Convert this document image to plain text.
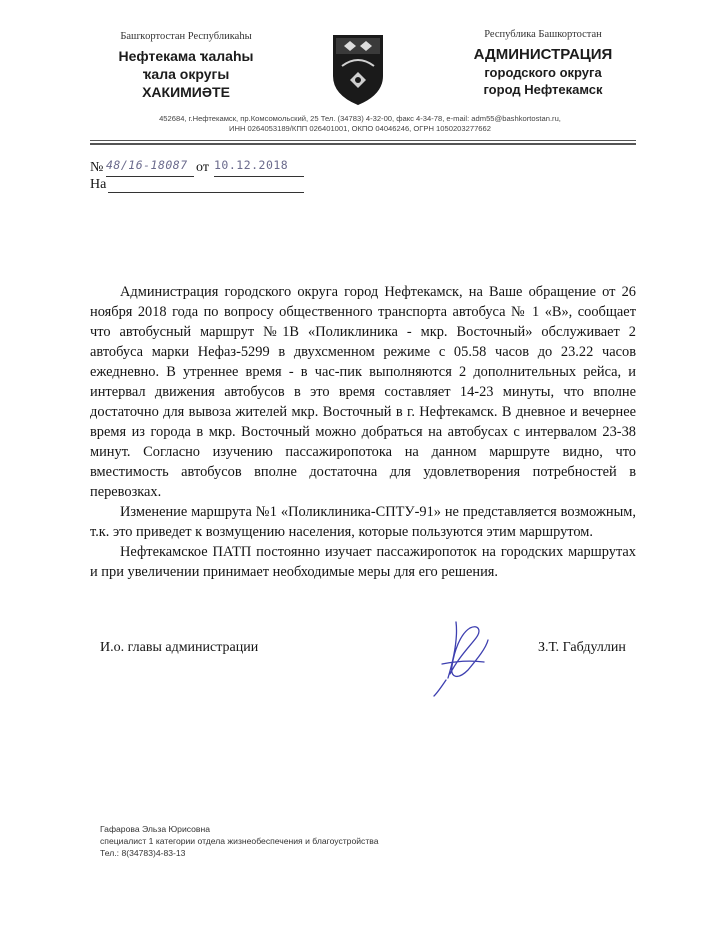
Башҡортостан Республикаһы
Нефтекама ҡалаһы
ҡала округы
ХАКИМИӘТЕ
Республика Башкортостан
АДМИНИСТРАЦИЯ
городского округа
город Нефтекамск
452684, г.Нефтекамск, пр.Комсомольский, 25 Тел. (34783) 4-32-00, факс 4-34-78, e-mail: adm55@bashkortostan.ru,
ИНН 0264053189/КПП 026401001, ОКПО 04046246, ОГРН 1050203277662
№ 48/16-18087 от 10.12.2018
На

Администрация городского округа город Нефтекамск, на Ваше обращение от 26 ноября 2018 года по вопросу общественного транспорта автобуса № 1 «В», сообщает что автобусный маршрут №1В «Поликлиника - мкр. Восточный» обслуживает 2 автобуса марки Нефаз-5299 в двухсменном режиме с 05.58 часов до 23.22 часов ежедневно. В утреннее время - в час-пик выполняются 2 дополнительных рейса, и интервал движения автобусов в это время составляет 14-23 минуты, что вполне достаточно для вывоза жителей мкр. Восточный в г. Нефтекамск. В дневное и вечернее время из города в мкр. Восточный можно добраться на автобусах с интервалом 23-38 минут. Согласно изучению пассажиропотока на данном маршруте видно, что вместимость автобусов вполне достаточна для удовлетворения потребностей в перевозках.

Изменение маршрута №1 «Поликлиника-СПТУ-91» не представляется возможным, т.к. это приведет к возмущению населения, которые пользуются этим маршрутом.

Нефтекамское ПАТП постоянно изучает пассажиропоток на городских маршрутах и при увеличении принимает необходимые меры для его решения.

И.о. главы администрации	З.Т. Габдуллин
Гафарова Эльза Юрисовна
специалист 1 категории отдела жизнеобеспечения и благоустройства
Тел.: 8(34783)4-83-13
